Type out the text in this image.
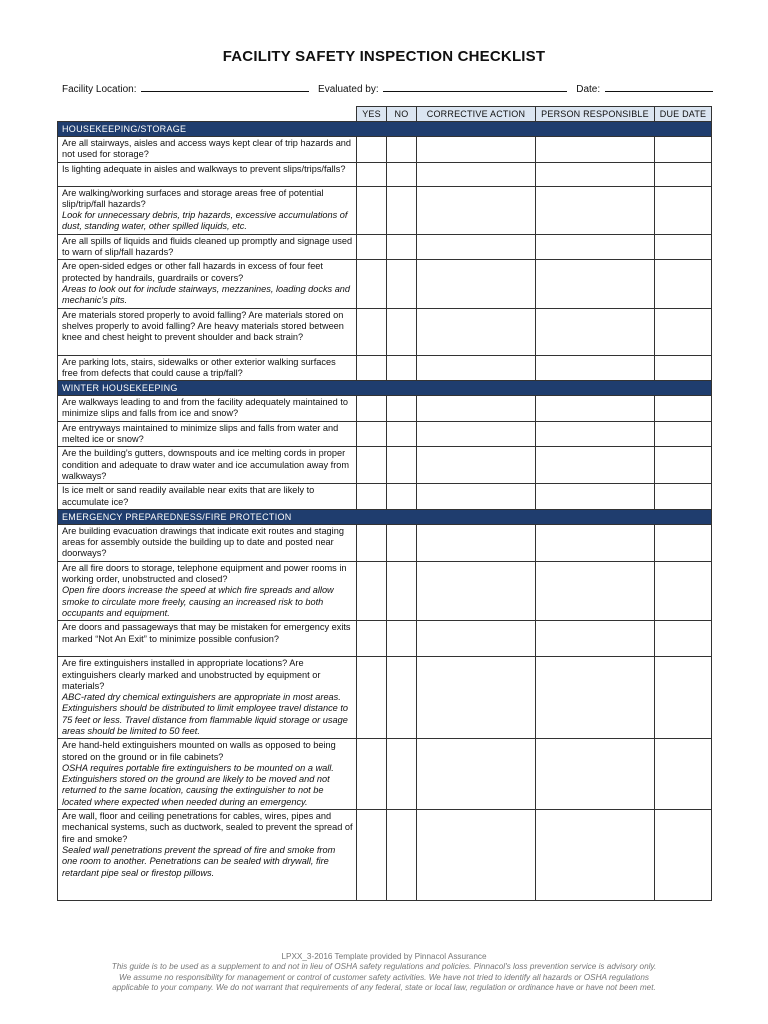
FACILITY SAFETY INSPECTION CHECKLIST
Facility Location:	Evaluated by:	Date:
	YES	NO	CORRECTIVE ACTION	PERSON RESPONSIBLE	DUE DATE
HOUSEKEEPING/STORAGE					
Are all stairways, aisles and access ways kept clear of trip hazards and not used for storage?					
Is lighting adequate in aisles and walkways to prevent slips/trips/falls?					
Are walking/working surfaces and storage areas free of potential slip/trip/fall hazards?
Look for unnecessary debris, trip hazards, excessive accumulations of dust, standing water, other spilled liquids, etc.					

Are all spills of liquids and fluids cleaned up promptly and signage used to warn of slip/fall hazards?					
Are open-sided edges or other fall hazards in excess of four feet protected by handrails, guardrails or covers?
Areas to look out for include stairways, mezzanines, loading docks and mechanic's pits.					

Are materials stored properly to avoid falling? Are materials stored on shelves properly to avoid falling? Are heavy materials stored between knee and chest height to prevent shoulder and back strain?					
Are parking lots, stairs, sidewalks or other exterior walking surfaces free from defects that could cause a trip/fall?					
WINTER HOUSEKEEPING					
Are walkways leading to and from the facility adequately maintained to minimize slips and falls from ice and snow?					
Are entryways maintained to minimize slips and falls from water and melted ice or snow?					
Are the building's gutters, downspouts and ice melting cords in proper condition and adequate to draw water and ice accumulation away from walkways?					
Is ice melt or sand readily available near exits that are likely to accumulate ice?					
EMERGENCY PREPAREDNESS/FIRE PROTECTION					
Are building evacuation drawings that indicate exit routes and staging areas for assembly outside the building up to date and posted near doorways?					
Are all fire doors to storage, telephone equipment and power rooms in working order, unobstructed and closed?
Open fire doors increase the speed at which fire spreads and allow smoke to circulate more freely, causing an increased risk to both occupants and equipment.					

Are doors and passageways that may be mistaken for emergency exits marked “Not An Exit” to minimize possible confusion?					
Are fire extinguishers installed in appropriate locations? Are extinguishers clearly marked and unobstructed by equipment or materials?
ABC-rated dry chemical extinguishers are appropriate in most areas. Extinguishers should be distributed to limit employee travel distance to 75 feet or less. Travel distance from flammable liquid storage or usage areas should be limited to 50 feet.					

Are hand-held extinguishers mounted on walls as opposed to being stored on the ground or in file cabinets?
OSHA requires portable fire extinguishers to be mounted on a wall. Extinguishers stored on the ground are likely to be moved and not returned to the same location, causing the extinguisher to not be located where expected when needed during an emergency.					

Are wall, floor and ceiling penetrations for cables, wires, pipes and mechanical systems, such as ductwork, sealed to prevent the spread of fire and smoke?
Sealed wall penetrations prevent the spread of fire and smoke from one room to another. Penetrations can be sealed with drywall, fire retardant pipe seal or firestop pillows.					

LPXX_3-2016 Template provided by Pinnacol Assurance
This guide is to be used as a supplement to and not in lieu of OSHA safety regulations and policies. Pinnacol's loss prevention service is advisory only.
We assume no responsibility for management or control of customer safety activities. We have not tried to identify all hazards or OSHA regulations
applicable to your company. We do not warrant that requirements of any federal, state or local law, regulation or ordinance have or have not been met.
